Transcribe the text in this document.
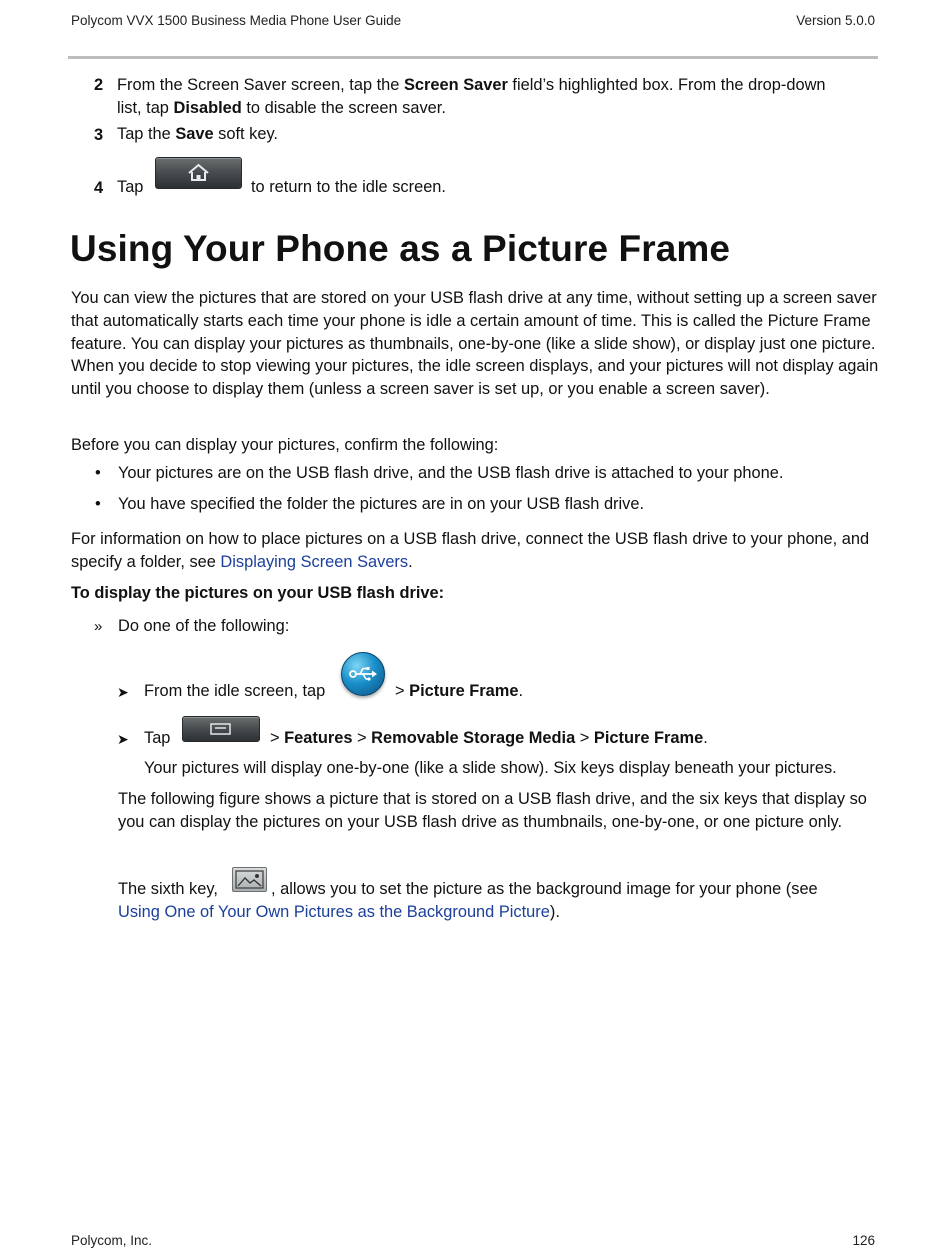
Polycom VVX 1500 Business Media Phone User Guide	Version 5.0.0
2 From the Screen Saver screen, tap the Screen Saver field’s highlighted box. From the drop-down
list, tap Disabled to disable the screen saver.
3 Tap the Save soft key.
4 Tap	to return to the idle screen.
Using Your Phone as a Picture Frame

You can view the pictures that are stored on your USB flash drive at any time, without setting up a screen saver that automatically starts each time your phone is idle a certain amount of time. This is called the Picture Frame feature. You can display your pictures as thumbnails, one-by-one (like a slide show), or display just one picture. When you decide to stop viewing your pictures, the idle screen displays, and your pictures will not display again until you choose to display them (unless a screen saver is set up, or you enable a screen saver).

Before you can display your pictures, confirm the following:

• Your pictures are on the USB flash drive, and the USB flash drive is attached to your phone.
• You have specified the folder the pictures are in on your USB flash drive.

For information on how to place pictures on a USB flash drive, connect the USB flash drive to your phone, and specify a folder, see Displaying Screen Savers.

To display the pictures on your USB flash drive:
» Do one of the following:
➤ From the idle screen, tap	> Picture Frame.
➤ Tap	> Features > Removable Storage Media > Picture Frame.
Your pictures will display one-by-one (like a slide show). Six keys display beneath your pictures.

The following figure shows a picture that is stored on a USB flash drive, and the six keys that display so you can display the pictures on your USB flash drive as thumbnails, one-by-one, or one picture only.

The sixth key,	, allows you to set the picture as the background image for your phone (see
Using One of Your Own Pictures as the Background Picture).
Polycom, Inc.	126
